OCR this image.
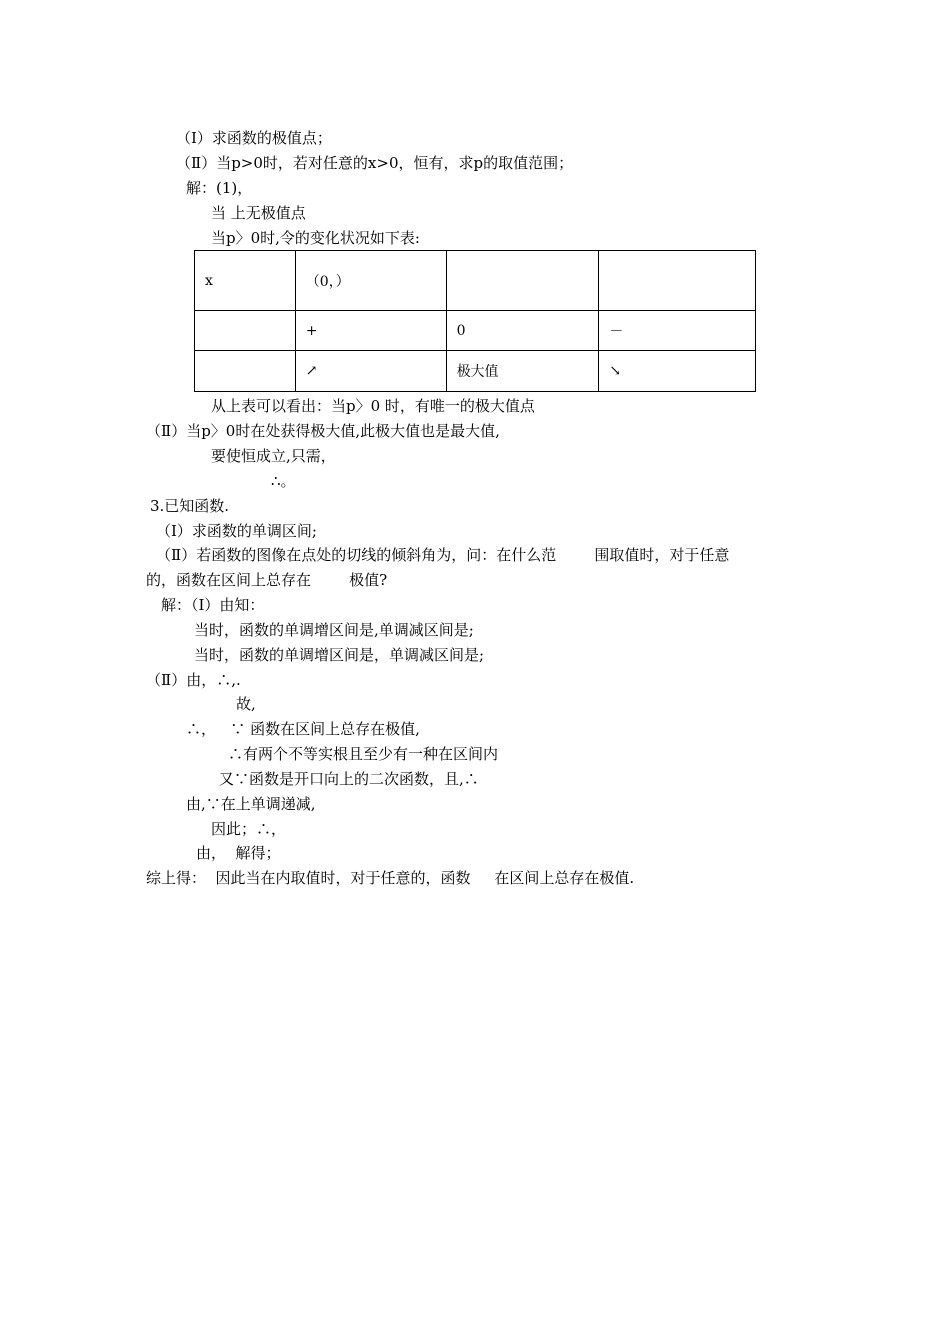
（Ⅰ）求函数的极值点；

（Ⅱ）当p>0时，若对任意的x>0，恒有，求p的取值范围；

解：(1)，

当 上无极值点

当p〉0时,令的变化状况如下表:

x	（0，）		
	+	0	－
	↗	极大值	↘

从上表可以看出：当p〉0 时，有唯一的极大值点

（Ⅱ）当p〉0时在处获得极大值,此极大值也是最大值,

要使恒成立,只需，

∴。

3.已知函数.

（Ⅰ）求函数的单调区间;

（Ⅱ）若函数的图像在点处的切线的倾斜角为，问：在什么范        围取值时，对于任意

的，函数在区间上总存在        极值?

解：（Ⅰ）由知：

当时，函数的单调增区间是,单调减区间是;

当时，函数的单调增区间是，单调减区间是;

（Ⅱ）由，∴,.

故,

∴，   ∵ 函数在区间上总存在极值,

∴有两个不等实根且至少有一种在区间内

又∵函数是开口向上的二次函数，且,∴

由,∵在上单调递减,

因此；∴，

由，  解得；

综上得：  因此当在内取值时，对于任意的，函数     在区间上总存在极值.
